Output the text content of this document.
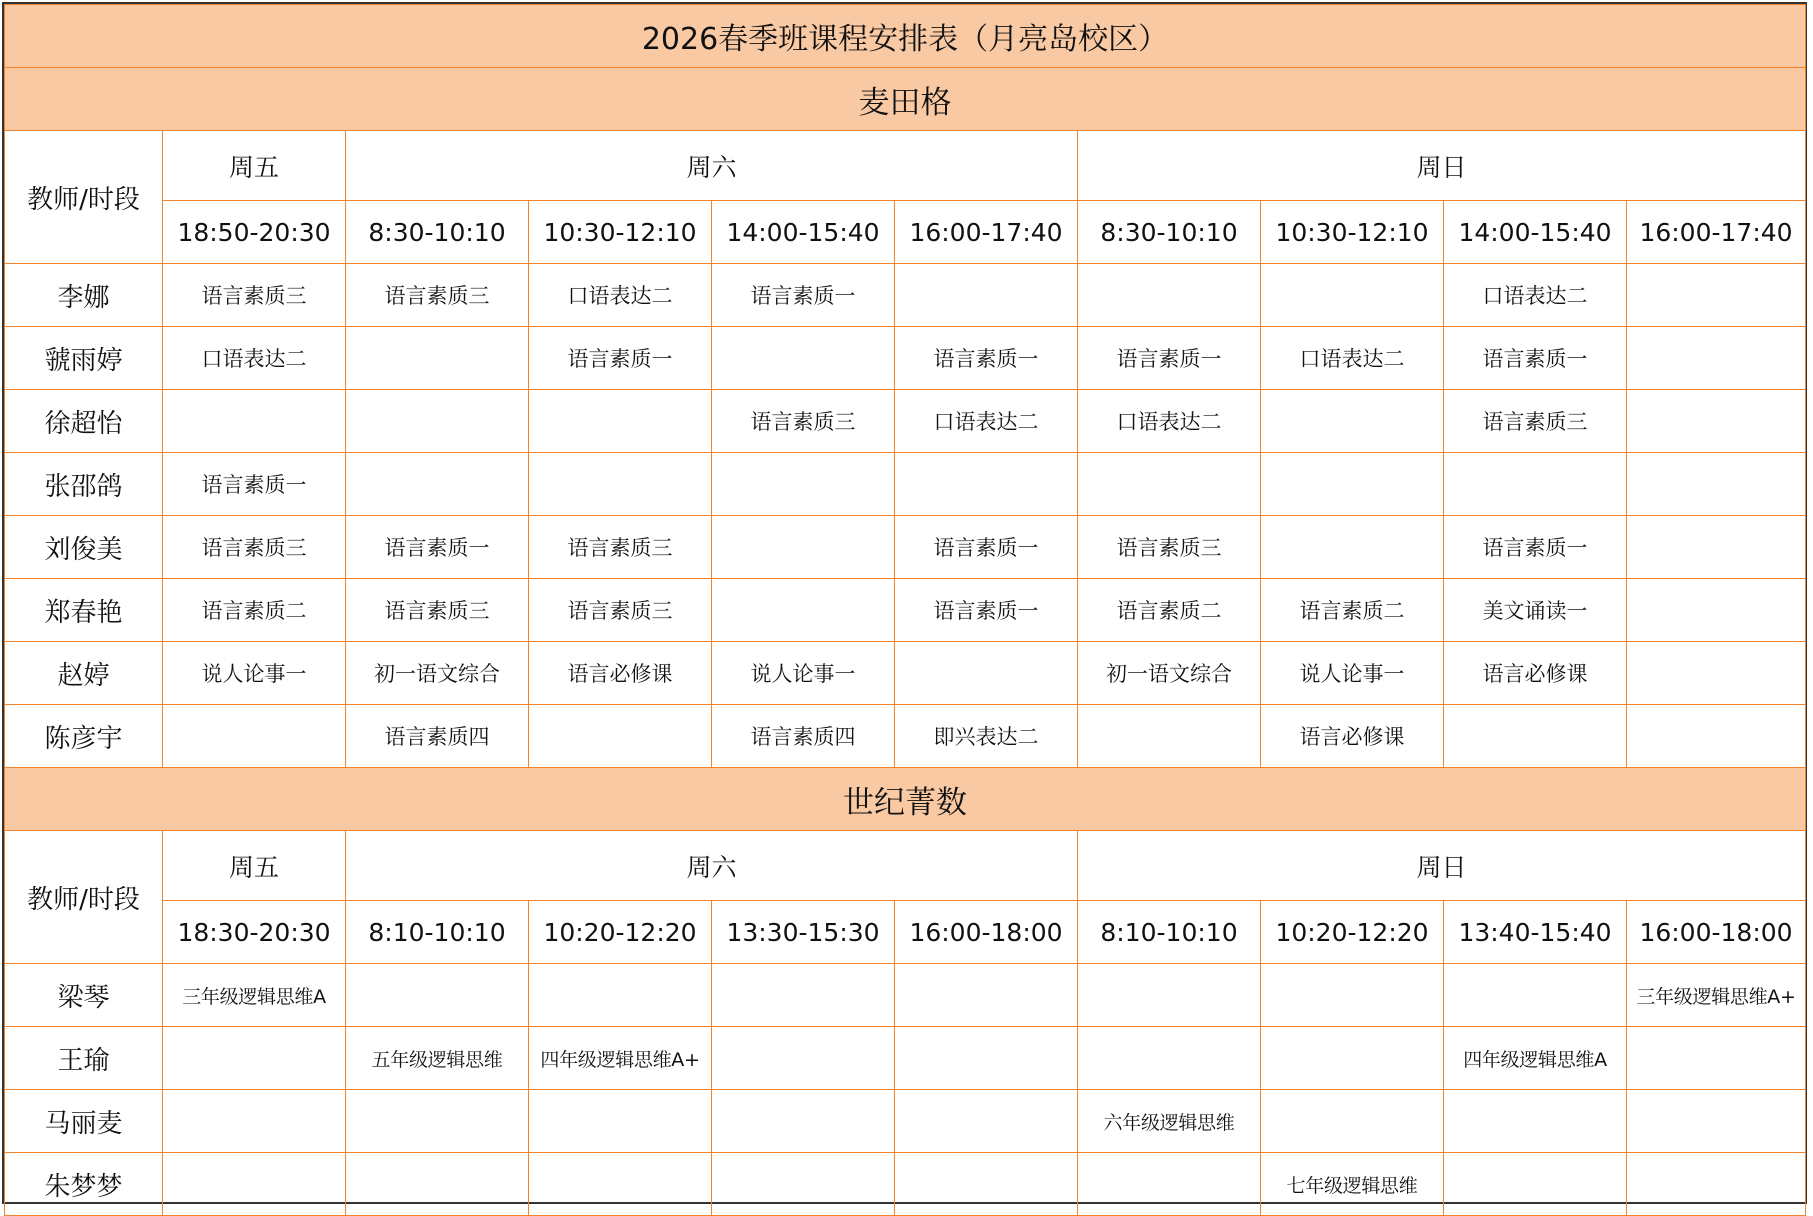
2026春季班课程安排表（月亮岛校区）									
麦田格									
教师/时段	周五	周六				周日			
	18:50-20:30	8:30-10:10	10:30-12:10	14:00-15:40	16:00-17:40	8:30-10:10	10:30-12:10	14:00-15:40	16:00-17:40
李娜	语言素质三	语言素质三	口语表达二	语言素质一				口语表达二	
虢雨婷	口语表达二		语言素质一		语言素质一	语言素质一	口语表达二	语言素质一	
徐超怡				语言素质三	口语表达二	口语表达二		语言素质三	
张邵鸽	语言素质一								
刘俊美	语言素质三	语言素质一	语言素质三		语言素质一	语言素质三		语言素质一	
郑春艳	语言素质二	语言素质三	语言素质三		语言素质一	语言素质二	语言素质二	美文诵读一	
赵婷	说人论事一	初一语文综合	语言必修课	说人论事一		初一语文综合	说人论事一	语言必修课	
陈彦宇		语言素质四		语言素质四	即兴表达二		语言必修课		
世纪菁数									
教师/时段	周五	周六				周日			
	18:30-20:30	8:10-10:10	10:20-12:20	13:30-15:30	16:00-18:00	8:10-10:10	10:20-12:20	13:40-15:40	16:00-18:00
梁琴	三年级逻辑思维A								三年级逻辑思维A+
王瑜		五年级逻辑思维	四年级逻辑思维A+					四年级逻辑思维A	
马丽麦						六年级逻辑思维			
朱梦梦							七年级逻辑思维		
